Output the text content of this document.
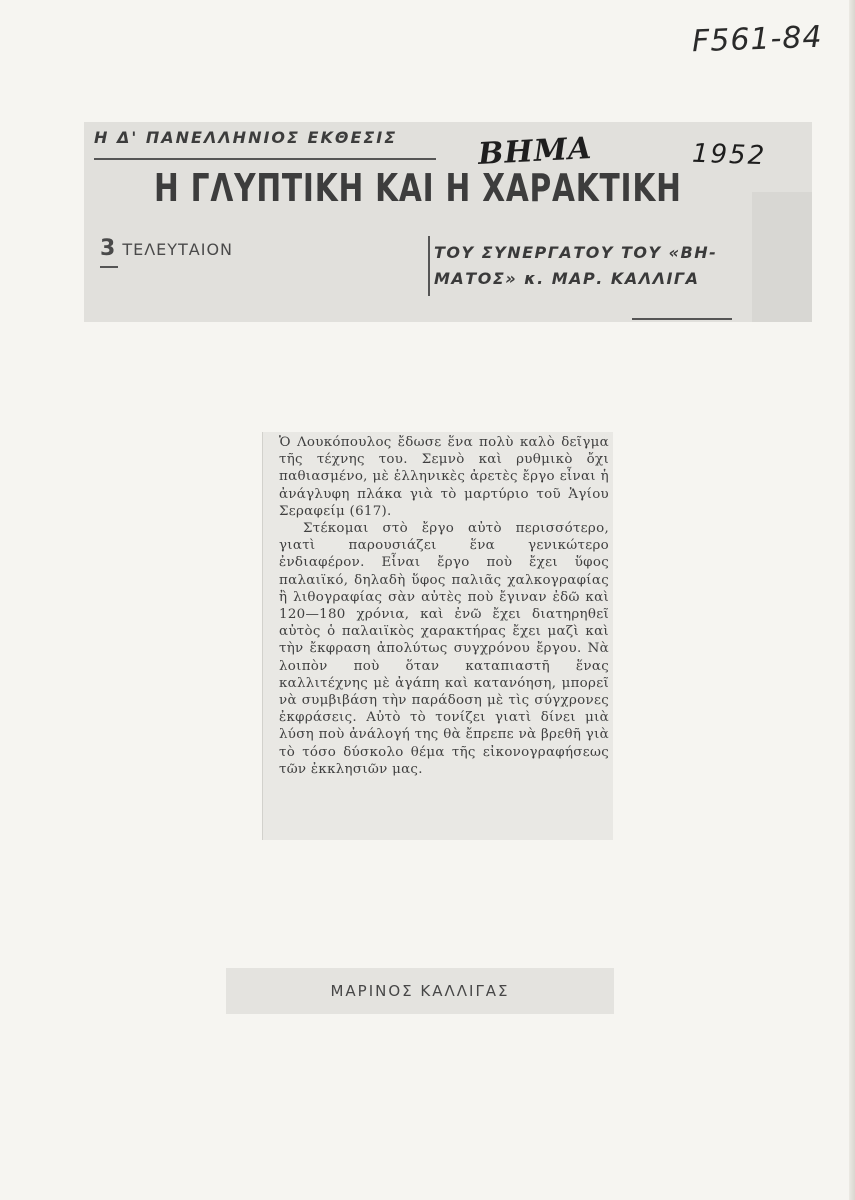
F561-84
Η Δ' ΠΑΝΕΛΛΗΝΙΟΣ ΕΚΘΕΣΙΣ	ΒΗΜΑ	1952
Η ΓΛΥΠΤΙΚΗ ΚΑΙ Η ΧΑΡΑΚΤΙΚΗ
3 ΤΕΛΕΥΤΑΙΟΝ	ΤΟΥ ΣΥΝΕΡΓΑΤΟΥ ΤΟΥ «ΒΗ-
ΜΑΤΟΣ» κ. ΜΑΡ. ΚΑΛΛΙΓΑ

Ὁ Λουκόπουλος ἔδωσε ἕνα πολὺ καλὸ δεῖγμα τῆς τέχνης του. Σεμνὸ καὶ ρυθμικὸ ὄχι παθιασμένο, μὲ ἑλληνικὲς ἀρετὲς ἔργο εἶναι ἡ ἀνάγλυφη πλάκα γιὰ τὸ μαρτύριο τοῦ Ἁγίου Σεραφείμ (617).

Στέκομαι στὸ ἔργο αὐτὸ περισσότερο, γιατὶ παρουσιάζει ἕνα γενικώτερο ἐνδιαφέρον. Εἶναι ἔργο ποὺ ἔχει ὕφος παλαιϊκό, δηλαδὴ ὕφος παλιᾶς χαλκογραφίας ἢ λιθογραφίας σὰν αὐτὲς ποὺ ἔγιναν ἐδῶ καὶ 120—180 χρόνια, καὶ ἐνῶ ἔχει διατηρηθεῖ αὐτὸς ὁ παλαιϊκὸς χαρακτήρας ἔχει μαζὶ καὶ τὴν ἔκφραση ἀπολύτως συγχρόνου ἔργου. Νὰ λοιπὸν ποὺ ὅταν καταπιαστῆ ἕνας καλλιτέχνης μὲ ἀγάπη καὶ κατανόηση, μπορεῖ νὰ συμβιβάση τὴν παράδοση μὲ τὶς σύγχρονες ἐκφράσεις. Αὐτὸ τὸ τονίζει γιατὶ δίνει μιὰ λύση ποὺ ἀνάλογή της θὰ ἔπρεπε νὰ βρεθῆ γιὰ τὸ τόσο δύσκολο θέμα τῆς εἰκονογραφήσεως τῶν ἐκκλησιῶν μας.

ΜΑΡΙΝΟΣ ΚΑΛΛΙΓΑΣ
